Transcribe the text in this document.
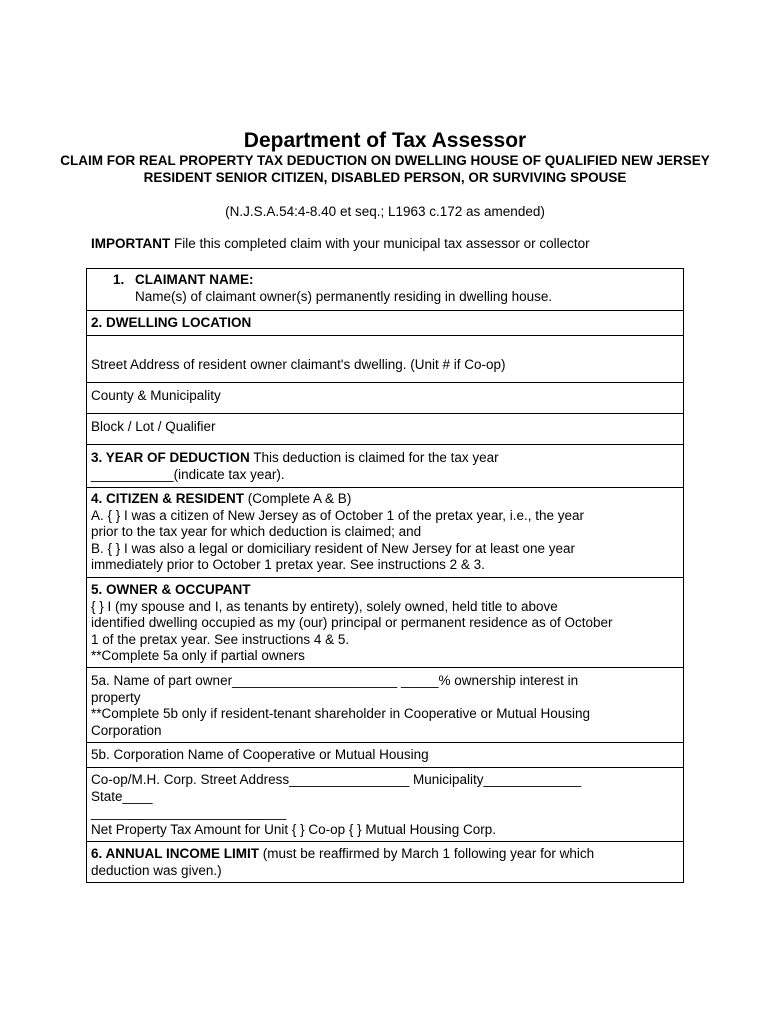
Department of Tax Assessor
CLAIM FOR REAL PROPERTY TAX DEDUCTION ON DWELLING HOUSE OF QUALIFIED NEW JERSEY RESIDENT SENIOR CITIZEN, DISABLED PERSON, OR SURVIVING SPOUSE
(N.J.S.A.54:4-8.40 et seq.; L1963 c.172 as amended)
IMPORTANT File this completed claim with your municipal tax assessor or collector
1. CLAIMANT NAME:
Name(s) of claimant owner(s) permanently residing in dwelling house.
2. DWELLING LOCATION
Street Address of resident owner claimant's dwelling. (Unit # if Co-op)
County & Municipality
Block / Lot / Qualifier
3. YEAR OF DEDUCTION This deduction is claimed for the tax year
___________(indicate tax year).
4. CITIZEN & RESIDENT (Complete A & B)
A. { } I was a citizen of New Jersey as of October 1 of the pretax year, i.e., the year
prior to the tax year for which deduction is claimed; and
B. { } I was also a legal or domiciliary resident of New Jersey for at least one year
immediately prior to October 1 pretax year. See instructions 2 & 3.
5. OWNER & OCCUPANT
{ } I (my spouse and I, as tenants by entirety), solely owned, held title to above
identified dwelling occupied as my (our) principal or permanent residence as of October
1 of the pretax year. See instructions 4 & 5.
**Complete 5a only if partial owners
5a. Name of part owner______________________ _____% ownership interest in
property
**Complete 5b only if resident-tenant shareholder in Cooperative or Mutual Housing
Corporation
5b. Corporation Name of Cooperative or Mutual Housing
Co-op/M.H. Corp. Street Address________________ Municipality_____________
State____
__________________________
Net Property Tax Amount for Unit { } Co-op { } Mutual Housing Corp.
6. ANNUAL INCOME LIMIT (must be reaffirmed by March 1 following year for which
deduction was given.)
